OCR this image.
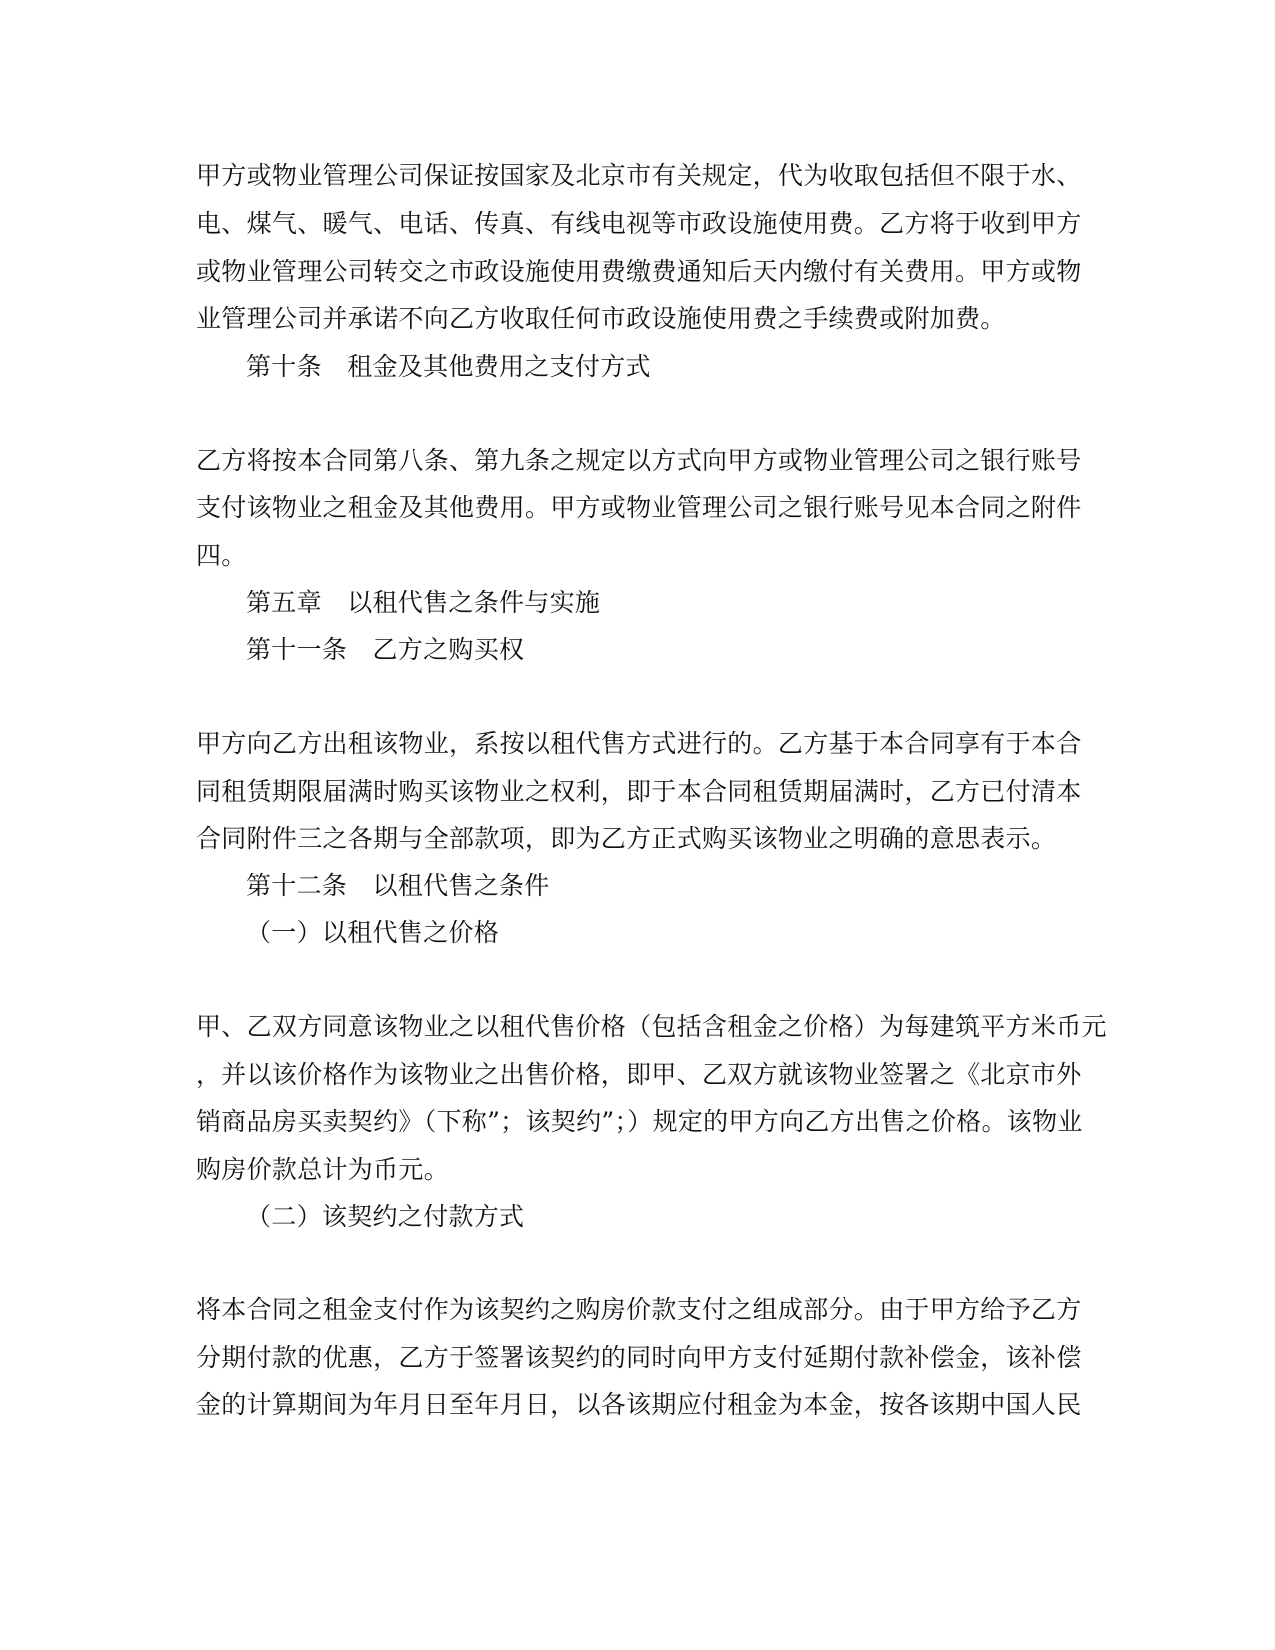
甲方或物业管理公司保证按国家及北京市有关规定，代为收取包括但不限于水、
电、煤气、暖气、电话、传真、有线电视等市政设施使用费。乙方将于收到甲方
或物业管理公司转交之市政设施使用费缴费通知后天内缴付有关费用。甲方或物
业管理公司并承诺不向乙方收取任何市政设施使用费之手续费或附加费。
第十条　租金及其他费用之支付方式
乙方将按本合同第八条、第九条之规定以方式向甲方或物业管理公司之银行账号
支付该物业之租金及其他费用。甲方或物业管理公司之银行账号见本合同之附件
四。
第五章　以租代售之条件与实施
第十一条　乙方之购买权
甲方向乙方出租该物业，系按以租代售方式进行的。乙方基于本合同享有于本合
同租赁期限届满时购买该物业之权利，即于本合同租赁期届满时，乙方已付清本
合同附件三之各期与全部款项，即为乙方正式购买该物业之明确的意思表示。
第十二条　以租代售之条件
（一）以租代售之价格
甲、乙双方同意该物业之以租代售价格（包括含租金之价格）为每建筑平方米币元
，并以该价格作为该物业之出售价格，即甲、乙双方就该物业签署之《北京市外
销商品房买卖契约》（下称”；该契约”；）规定的甲方向乙方出售之价格。该物业
购房价款总计为币元。
（二）该契约之付款方式
将本合同之租金支付作为该契约之购房价款支付之组成部分。由于甲方给予乙方
分期付款的优惠，乙方于签署该契约的同时向甲方支付延期付款补偿金，该补偿
金的计算期间为年月日至年月日，以各该期应付租金为本金，按各该期中国人民
